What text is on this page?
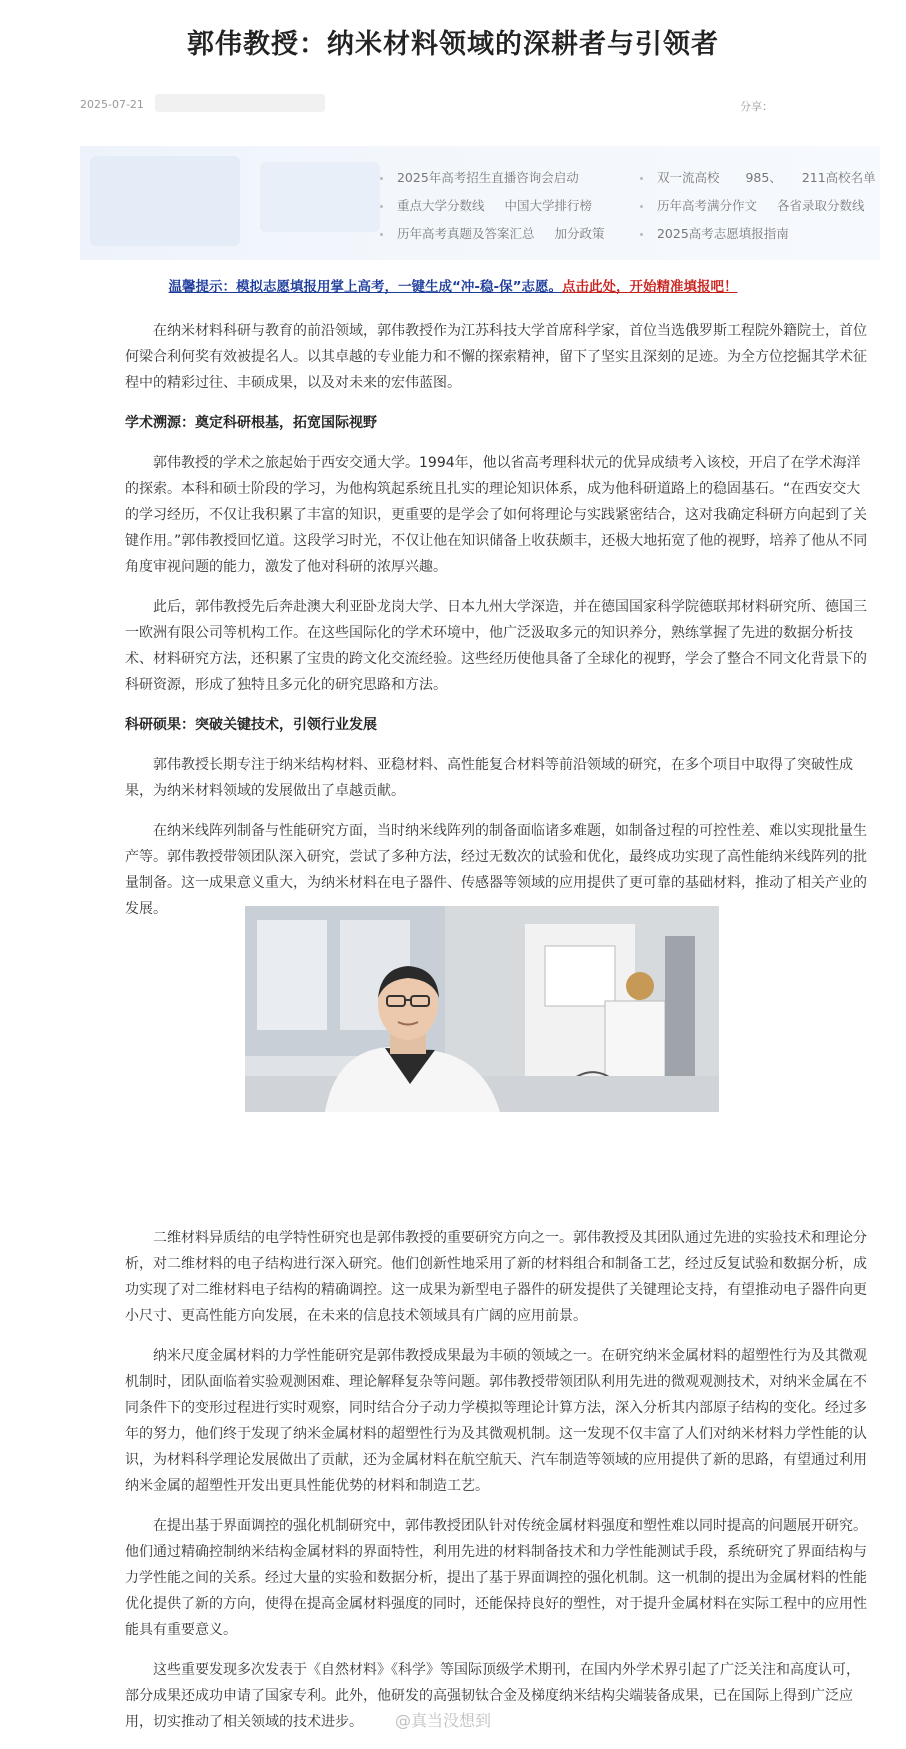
郭伟教授：纳米材料领域的深耕者与引领者
2025-07-21	分享：
2025年高考招生直播咨询会启动
重点大学分数线 中国大学排行榜
历年高考真题及答案汇总 加分政策
双一流高校 985、 211高校名单
历年高考满分作文 各省录取分数线
2025高考志愿填报指南
温馨提示：模拟志愿填报用掌上高考，一键生成“冲-稳-保”志愿。点击此处，开始精准填报吧！

在纳米材料科研与教育的前沿领域，郭伟教授作为江苏科技大学首席科学家，首位当选俄罗斯工程院外籍院士，首位何梁合利何奖有效被提名人。以其卓越的专业能力和不懈的探索精神，留下了坚实且深刻的足迹。为全方位挖掘其学术征程中的精彩过往、丰硕成果，以及对未来的宏伟蓝图。

学术溯源：奠定科研根基，拓宽国际视野

郭伟教授的学术之旅起始于西安交通大学。1994年，他以省高考理科状元的优异成绩考入该校，开启了在学术海洋的探索。本科和硕士阶段的学习，为他构筑起系统且扎实的理论知识体系，成为他科研道路上的稳固基石。“在西安交大的学习经历，不仅让我积累了丰富的知识，更重要的是学会了如何将理论与实践紧密结合，这对我确定科研方向起到了关键作用。”郭伟教授回忆道。这段学习时光，不仅让他在知识储备上收获颇丰，还极大地拓宽了他的视野，培养了他从不同角度审视问题的能力，激发了他对科研的浓厚兴趣。

此后，郭伟教授先后奔赴澳大利亚卧龙岗大学、日本九州大学深造，并在德国国家科学院德联邦材料研究所、德国三一欧洲有限公司等机构工作。在这些国际化的学术环境中，他广泛汲取多元的知识养分，熟练掌握了先进的数据分析技术、材料研究方法，还积累了宝贵的跨文化交流经验。这些经历使他具备了全球化的视野，学会了整合不同文化背景下的科研资源，形成了独特且多元化的研究思路和方法。

科研硕果：突破关键技术，引领行业发展

郭伟教授长期专注于纳米结构材料、亚稳材料、高性能复合材料等前沿领域的研究，在多个项目中取得了突破性成果，为纳米材料领域的发展做出了卓越贡献。

在纳米线阵列制备与性能研究方面，当时纳米线阵列的制备面临诸多难题，如制备过程的可控性差、难以实现批量生产等。郭伟教授带领团队深入研究，尝试了多种方法，经过无数次的试验和优化，最终成功实现了高性能纳米线阵列的批量制备。这一成果意义重大，为纳米材料在电子器件、传感器等领域的应用提供了更可靠的基础材料，推动了相关产业的发展。

二维材料异质结的电学特性研究也是郭伟教授的重要研究方向之一。郭伟教授及其团队通过先进的实验技术和理论分析，对二维材料的电子结构进行深入研究。他们创新性地采用了新的材料组合和制备工艺，经过反复试验和数据分析，成功实现了对二维材料电子结构的精确调控。这一成果为新型电子器件的研发提供了关键理论支持，有望推动电子器件向更小尺寸、更高性能方向发展，在未来的信息技术领域具有广阔的应用前景。

纳米尺度金属材料的力学性能研究是郭伟教授成果最为丰硕的领域之一。在研究纳米金属材料的超塑性行为及其微观机制时，团队面临着实验观测困难、理论解释复杂等问题。郭伟教授带领团队利用先进的微观观测技术，对纳米金属在不同条件下的变形过程进行实时观察，同时结合分子动力学模拟等理论计算方法，深入分析其内部原子结构的变化。经过多年的努力，他们终于发现了纳米金属材料的超塑性行为及其微观机制。这一发现不仅丰富了人们对纳米材料力学性能的认识，为材料科学理论发展做出了贡献，还为金属材料在航空航天、汽车制造等领域的应用提供了新的思路，有望通过利用纳米金属的超塑性开发出更具性能优势的材料和制造工艺。

在提出基于界面调控的强化机制研究中，郭伟教授团队针对传统金属材料强度和塑性难以同时提高的问题展开研究。他们通过精确控制纳米结构金属材料的界面特性，利用先进的材料制备技术和力学性能测试手段，系统研究了界面结构与力学性能之间的关系。经过大量的实验和数据分析，提出了基于界面调控的强化机制。这一机制的提出为金属材料的性能优化提供了新的方向，使得在提高金属材料强度的同时，还能保持良好的塑性，对于提升金属材料在实际工程中的应用性能具有重要意义。

这些重要发现多次发表于《自然材料》《科学》等国际顶级学术期刊，在国内外学术界引起了广泛关注和高度认可，部分成果还成功申请了国家专利。此外，他研发的高强韧钛合金及梯度纳米结构尖端装备成果，已在国际上得到广泛应用，切实推动了相关领域的技术进步。	@真当没想到
